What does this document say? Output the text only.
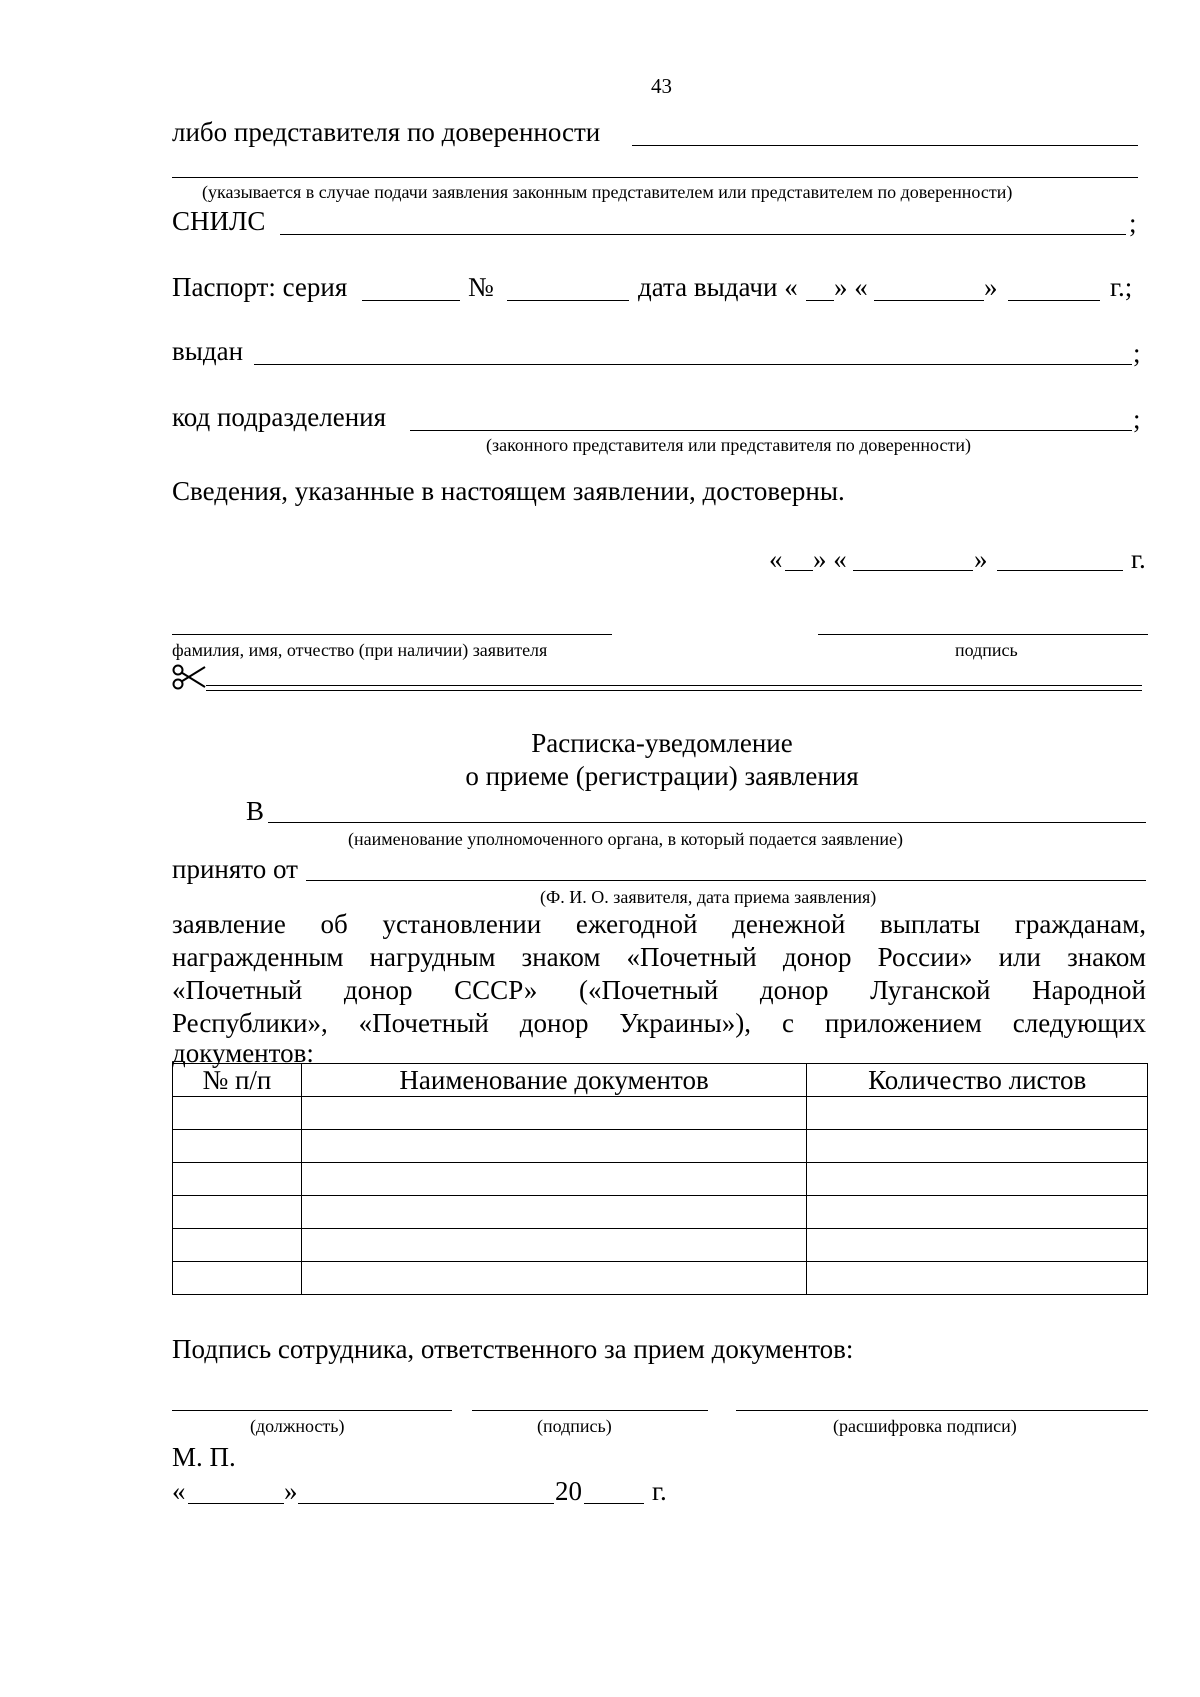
43
либо представителя по доверенности
(указывается в случае подачи заявления законным представителем или представителем по доверенности)
СНИЛС	;
Паспорт: серия	№	дата выдачи « » «	»	г.;
выдан	;
код подразделения	;
(законного представителя или представителя по доверенности)
Сведения, указанные в настоящем заявлении, достоверны.
« » «	»	г.
фамилия, имя, отчество (при наличии) заявителя	подпись
Расписка-уведомление
о приеме (регистрации) заявления
В
(наименование уполномоченного органа, в который подается заявление)
принято от
(Ф. И. О. заявителя, дата приема заявления)
заявление об установлении ежегодной денежной выплаты гражданам,
награжденным нагрудным знаком «Почетный донор России» или знаком
«Почетный донор СССР» («Почетный донор Луганской Народной
Республики», «Почетный донор Украины»), с приложением следующих
документов:
№ п/п	Наименование документов	Количество листов

Подпись сотрудника, ответственного за прием документов:
(должность)	(подпись)	(расшифровка подписи)
М. П.
«	»	20	г.
